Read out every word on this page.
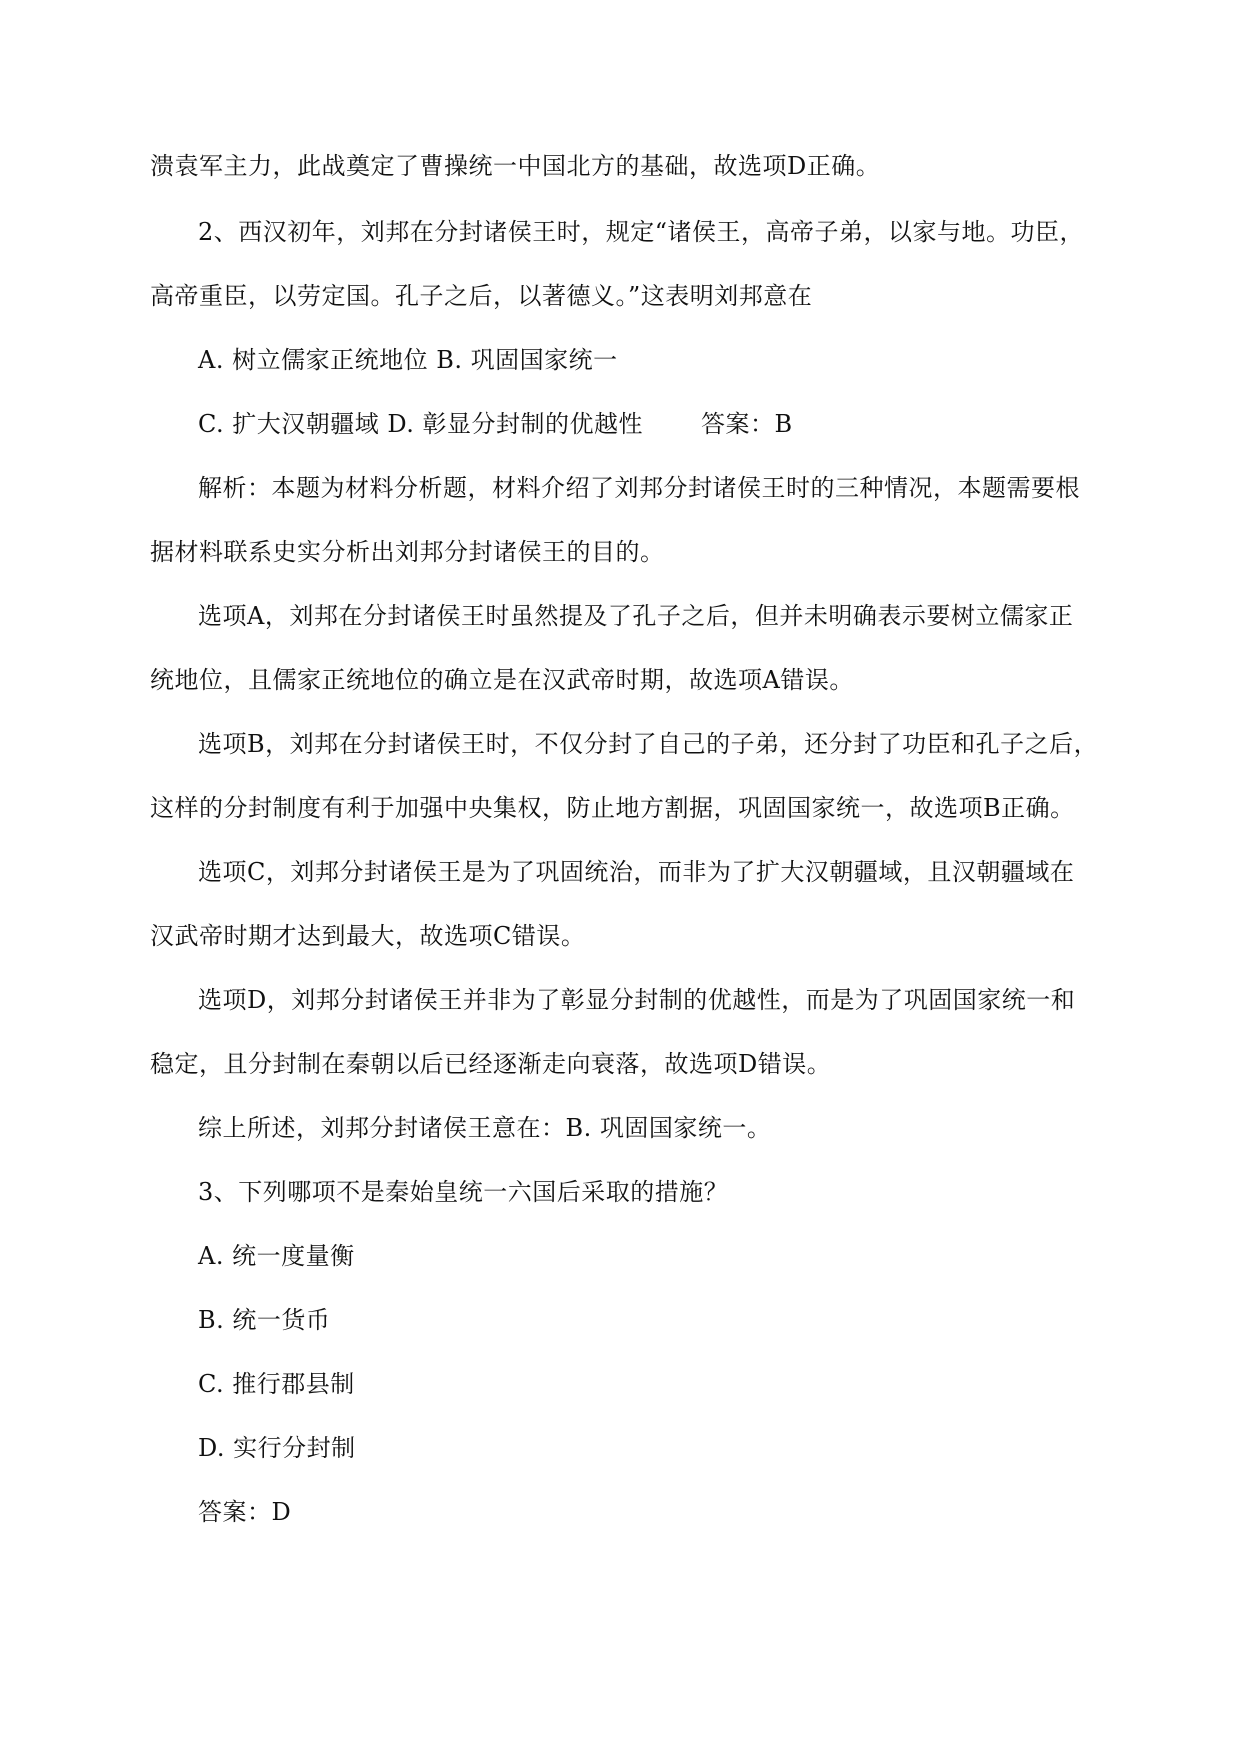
溃袁军主力，此战奠定了曹操统一中国北方的基础，故选项D正确。
2、西汉初年，刘邦在分封诸侯王时，规定“诸侯王，高帝子弟，以家与地。功臣，
高帝重臣，以劳定国。孔子之后，以著德义。”这表明刘邦意在
A. 树立儒家正统地位 B. 巩固国家统一
C. 扩大汉朝疆域 D. 彰显分封制的优越性 答案：B
解析：本题为材料分析题，材料介绍了刘邦分封诸侯王时的三种情况，本题需要根
据材料联系史实分析出刘邦分封诸侯王的目的。
选项A，刘邦在分封诸侯王时虽然提及了孔子之后，但并未明确表示要树立儒家正
统地位，且儒家正统地位的确立是在汉武帝时期，故选项A错误。
选项B，刘邦在分封诸侯王时，不仅分封了自己的子弟，还分封了功臣和孔子之后，
这样的分封制度有利于加强中央集权，防止地方割据，巩固国家统一，故选项B正确。
选项C，刘邦分封诸侯王是为了巩固统治，而非为了扩大汉朝疆域，且汉朝疆域在
汉武帝时期才达到最大，故选项C错误。
选项D，刘邦分封诸侯王并非为了彰显分封制的优越性，而是为了巩固国家统一和
稳定，且分封制在秦朝以后已经逐渐走向衰落，故选项D错误。
综上所述，刘邦分封诸侯王意在：B. 巩固国家统一。
3、下列哪项不是秦始皇统一六国后采取的措施？
A. 统一度量衡
B. 统一货币
C. 推行郡县制
D. 实行分封制
答案：D
